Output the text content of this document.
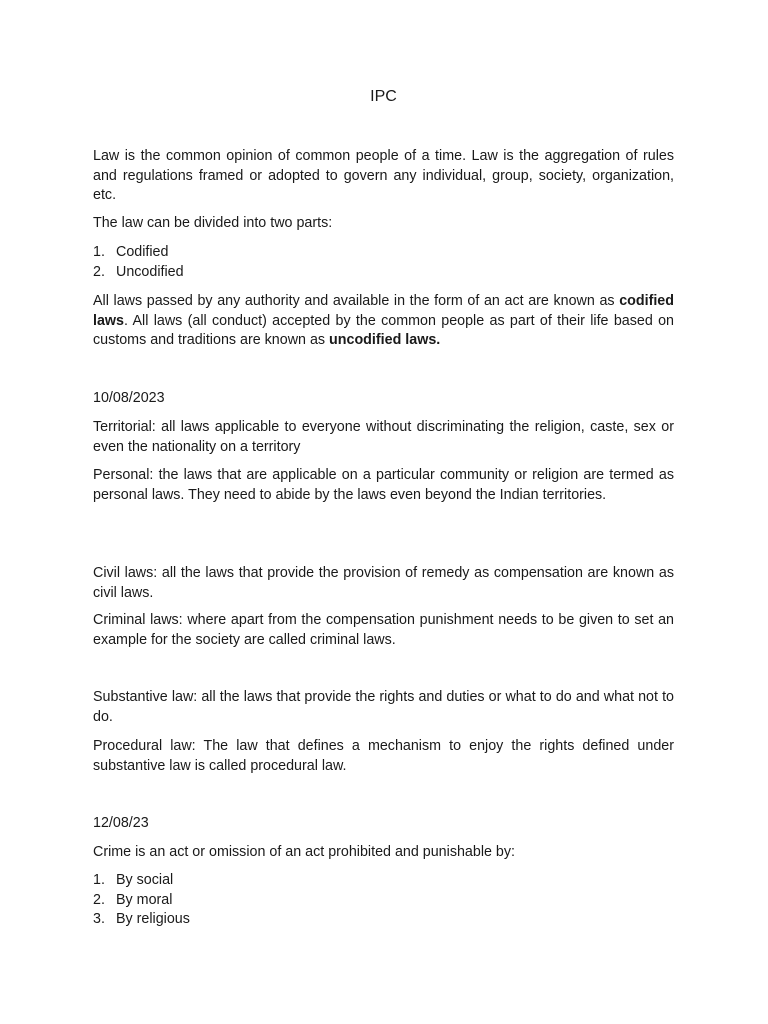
IPC

Law is the common opinion of common people of a time. Law is the aggregation of rules and regulations framed or adopted to govern any individual, group, society, organization, etc.

The law can be divided into two parts:

1. Codified
2. Uncodified

All laws passed by any authority and available in the form of an act are known as codified laws. All laws (all conduct) accepted by the common people as part of their life based on customs and traditions are known as uncodified laws.

10/08/2023

Territorial: all laws applicable to everyone without discriminating the religion, caste, sex or even the nationality on a territory

Personal: the laws that are applicable on a particular community or religion are termed as personal laws. They need to abide by the laws even beyond the Indian territories.

Civil laws: all the laws that provide the provision of remedy as compensation are known as civil laws.

Criminal laws: where apart from the compensation punishment needs to be given to set an example for the society are called criminal laws.

Substantive law: all the laws that provide the rights and duties or what to do and what not to do.

Procedural law: The law that defines a mechanism to enjoy the rights defined under substantive law is called procedural law.

12/08/23

Crime is an act or omission of an act prohibited and punishable by:

1. By social
2. By moral
3. By religious
